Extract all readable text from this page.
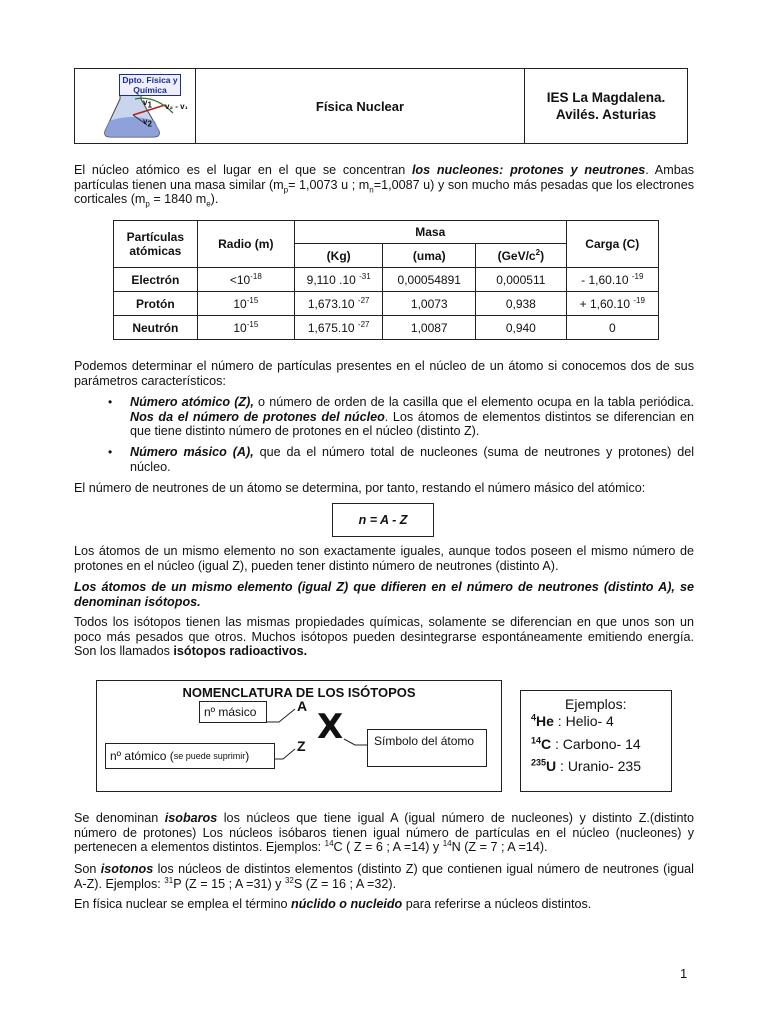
Dpto. Física y Química
$v_1$ v₂ - v₁
$v_2$
Física Nuclear
IES La Magdalena.
Avilés. Asturias

El núcleo atómico es el lugar en el que se concentran los nucleones: protones y neutrones. Ambas partículas tienen una masa similar ($m_p= 1,0073$ u ; $m_n=1,0087$ u) y son mucho más pesadas que los electrones corticales ($m_p = 1840$ $m_e$).

Partículas atómicas	Radio (m)	Masa			Carga (C)
		(Kg)	(uma)	$(GeV/c^2)$	
Electrón	$<10^{-18}$	9,110 .10 $^{-31}$	0,00054891	0,000511	- 1,60.10 $^{-19}$
Protón	$10^{-15}$	1,673.10 $^{-27}$	1,0073	0,938	+ 1,60.10 $^{-19}$
Neutrón	$10^{-15}$	1,675.10 $^{-27}$	1,0087	0,940	0

Podemos determinar el número de partículas presentes en el núcleo de un átomo si conocemos dos de sus parámetros característicos:

•	Número atómico (Z), o número de orden de la casilla que el elemento ocupa en la tabla periódica. Nos da el número de protones del núcleo. Los átomos de elementos distintos se diferencian en que tiene distinto número de protones en el núcleo (distinto Z).

•	Número másico (A), que da el número total de nucleones (suma de neutrones y protones) del núcleo.

El número de neutrones de un átomo se determina, por tanto, restando el número másico del atómico:

n = A - Z

Los átomos de un mismo elemento no son exactamente iguales, aunque todos poseen el mismo número de protones en el núcleo (igual Z), pueden tener distinto número de neutrones (distinto A).

Los átomos de un mismo elemento (igual Z) que difieren en el número de neutrones (distinto A), se denominan isótopos.

Todos los isótopos tienen las mismas propiedades químicas, solamente se diferencian en que unos son un poco más pesados que otros. Muchos isótopos pueden desintegrarse espontáneamente emitiendo energía. Son los llamados isótopos radioactivos.

NOMENCLATURA DE LOS ISÓTOPOS
nº másico	A
X
Z
nº atómico ( se puede suprimir )
Símbolo del átomo
Ejemplos:
$^4$He : Helio- 4
$^{14}$C : Carbono- 14
$^{235}$U : Uranio- 235

Se denominan isobaros los núcleos que tiene igual A (igual número de nucleones) y distinto Z.(distinto número de protones) Los núcleos isóbaros tienen igual número de partículas en el núcleo (nucleones) y pertenecen a elementos distintos. Ejemplos: $^{14}$C ( Z = 6 ; A =14) y $^{14}$N (Z = 7 ; A =14).

Son isotonos los núcleos de distintos elementos (distinto Z) que contienen igual número de neutrones (igual A-Z). Ejemplos: $^{31}$P (Z = 15 ; A =31) y $^{32}$S (Z = 16 ; A =32).

En física nuclear se emplea el término núclido o nucleido para referirse a núcleos distintos.

1
